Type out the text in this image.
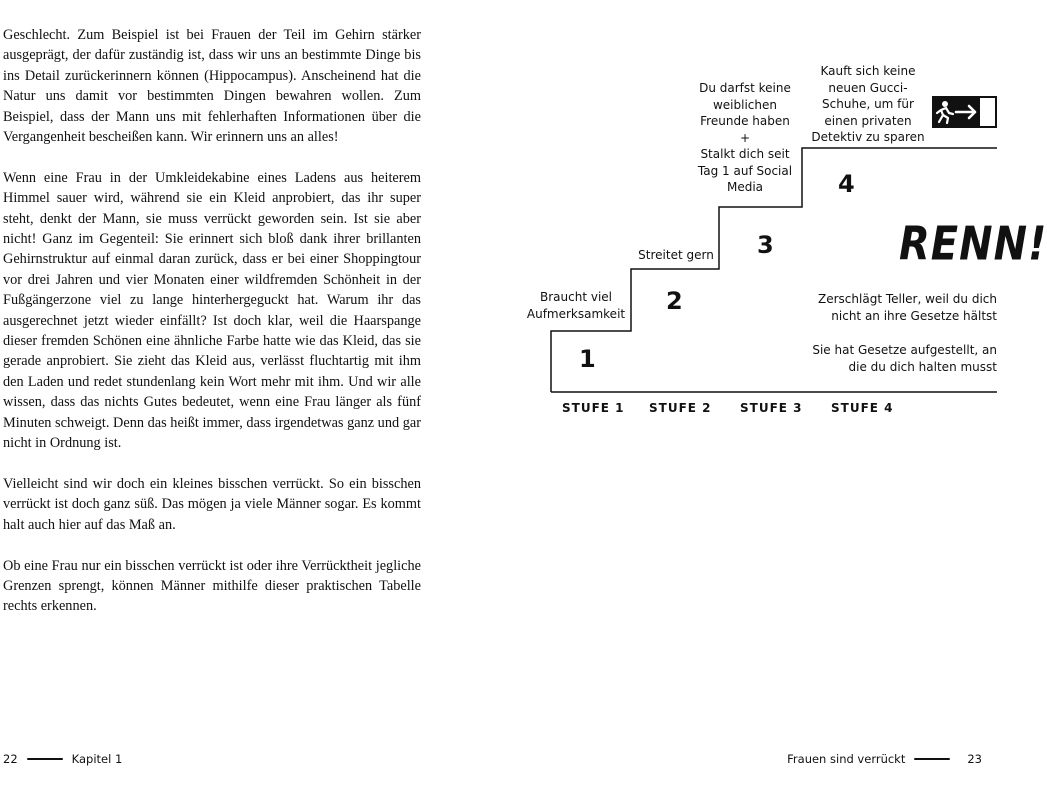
Geschlecht. Zum Beispiel ist bei Frauen der Teil im Gehirn stärker ausgeprägt, der dafür zuständig ist, dass wir uns an bestimmte Dinge bis ins Detail zurückerinnern können (Hippocampus). Anscheinend hat die Natur uns damit vor bestimmten Dingen bewahren wollen. Zum Beispiel, dass der Mann uns mit fehlerhaften Informationen über die Vergangenheit bescheißen kann. Wir erinnern uns an alles!

Wenn eine Frau in der Umkleidekabine eines Ladens aus heiterem Himmel sauer wird, während sie ein Kleid anprobiert, das ihr super steht, denkt der Mann, sie muss verrückt geworden sein. Ist sie aber nicht! Ganz im Gegenteil: Sie erinnert sich bloß dank ihrer brillanten Gehirnstruktur auf einmal daran zurück, dass er bei einer Shoppingtour vor drei Jahren und vier Monaten einer wildfremden Schönheit in der Fußgängerzone viel zu lange hinterhergeguckt hat. Warum ihr das ausgerechnet jetzt wieder einfällt? Ist doch klar, weil die Haarspange dieser fremden Schönen eine ähnliche Farbe hatte wie das Kleid, das sie gerade anprobiert. Sie zieht das Kleid aus, verlässt fluchtartig mit ihm den Laden und redet stundenlang kein Wort mehr mit ihm. Und wir alle wissen, dass das nichts Gutes bedeutet, wenn eine Frau länger als fünf Minuten schweigt. Denn das heißt immer, dass irgendetwas ganz und gar nicht in Ordnung ist.

Vielleicht sind wir doch ein kleines bisschen verrückt. So ein bisschen verrückt ist doch ganz süß. Das mögen ja viele Männer sogar. Es kommt halt auch hier auf das Maß an.

Ob eine Frau nur ein bisschen verrückt ist oder ihre Verrücktheit jegliche Grenzen sprengt, können Männer mithilfe dieser praktischen Tabelle rechts erkennen.

22	Kapitel 1
Braucht viel
Aufmerksamkeit
Streitet gern
Du darfst keine
weiblichen
Freunde haben
+
Stalkt dich seit
Tag 1 auf Social
Media
Kauft sich keine
neuen Gucci-
Schuhe, um für
einen privaten
Detektiv zu sparen
1
2
3
4
STUFE 1 STUFE 2 STUFE 3 STUFE 4
RENN!
Zerschlägt Teller, weil du dich
nicht an ihre Gesetze hältst
Sie hat Gesetze aufgestellt, an
die du dich halten musst
Frauen sind verrückt	23
